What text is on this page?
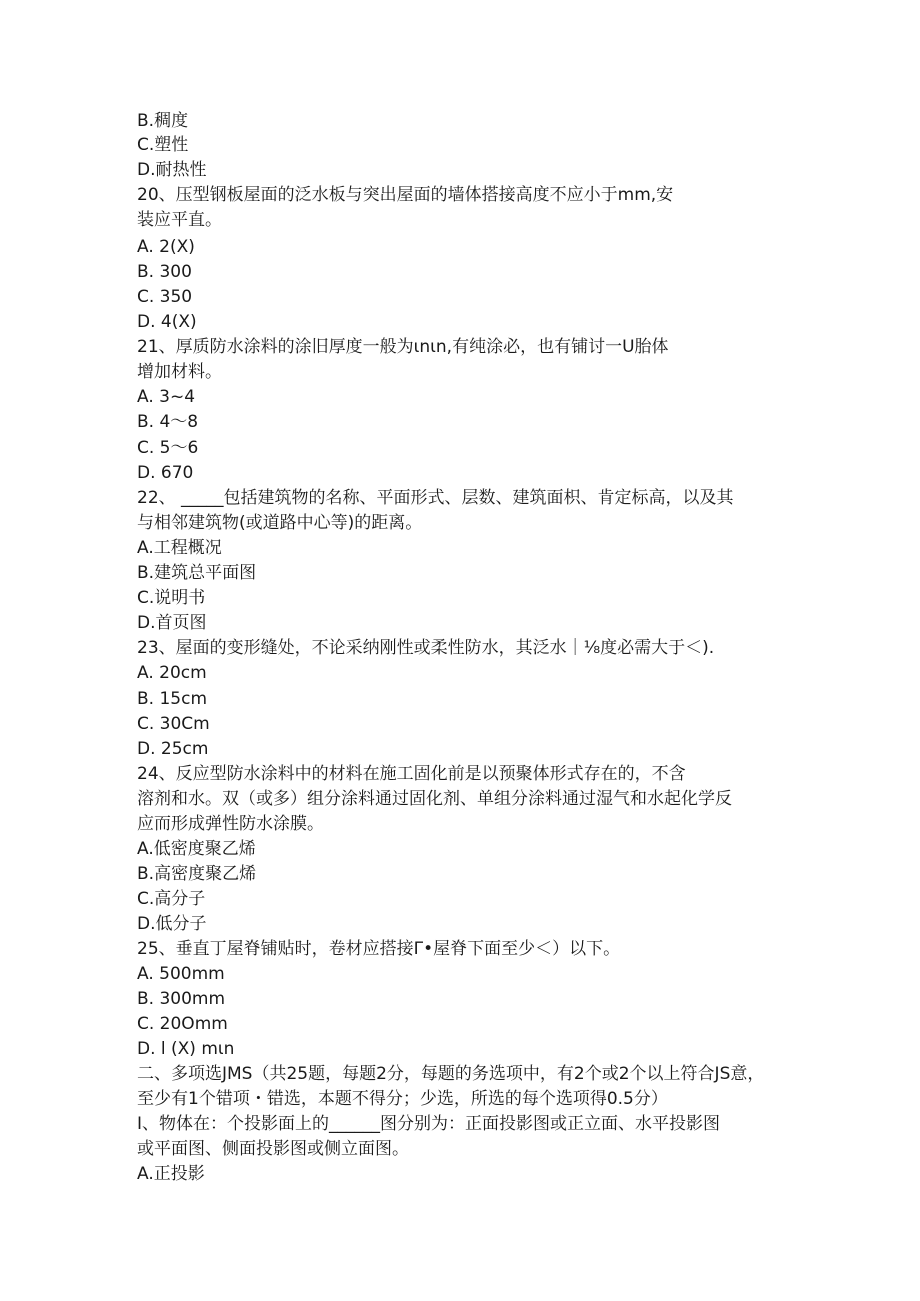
B.稠度

C.塑性

D.耐热性

20、压型钢板屋面的泛水板与突出屋面的墙体搭接高度不应小于mm,安

装应平直。

A. 2(X)

B. 300

C. 350

D. 4(X)

21、厚质防水涂料的涂旧厚度一般为ιnιn,有纯涂必，也有铺讨一U胎体

增加材料。

A. 3~4

B. 4〜8

C. 5〜6

D. 670

22、 _____包括建筑物的名称、平面形式、层数、建筑面枳、肯定标高，以及其

与相邻建筑物(或道路中心等)的距离。

A.工程概况

B.建筑总平面图

C.说明书

D.首页图

23、屋面的变形缝处，不论采纳刚性或柔性防水，其泛水｜⅛度必需大于＜).

A. 20cm

B. 15cm

C. 30Cm

D. 25cm

24、反应型防水涂料中的材料在施工固化前是以预聚体形式存在的，不含

溶剂和水。双（或多）组分涂料通过固化剂、单组分涂料通过湿气和水起化学反

应而形成弹性防水涂膜。

A.低密度聚乙烯

B.高密度聚乙烯

C.高分子

D.低分子

25、垂直丁屋脊铺贴时，卷材应搭接Γ•屋脊下面至少＜）以下。

A. 500mm

B. 300mm

C. 20Omm

D. l (X) mιn

二、多项选JMS（共25题，每题2分，每题的务选项中，有2个或2个以上符合JS意，

至少有1个错项・错选，本题不得分；少选，所选的每个选项得0.5分）

I、物体在：个投影面上的______图分别为：正面投影图或正立面、水平投影图

或平面图、侧面投影图或侧立面图。

A.正投影
